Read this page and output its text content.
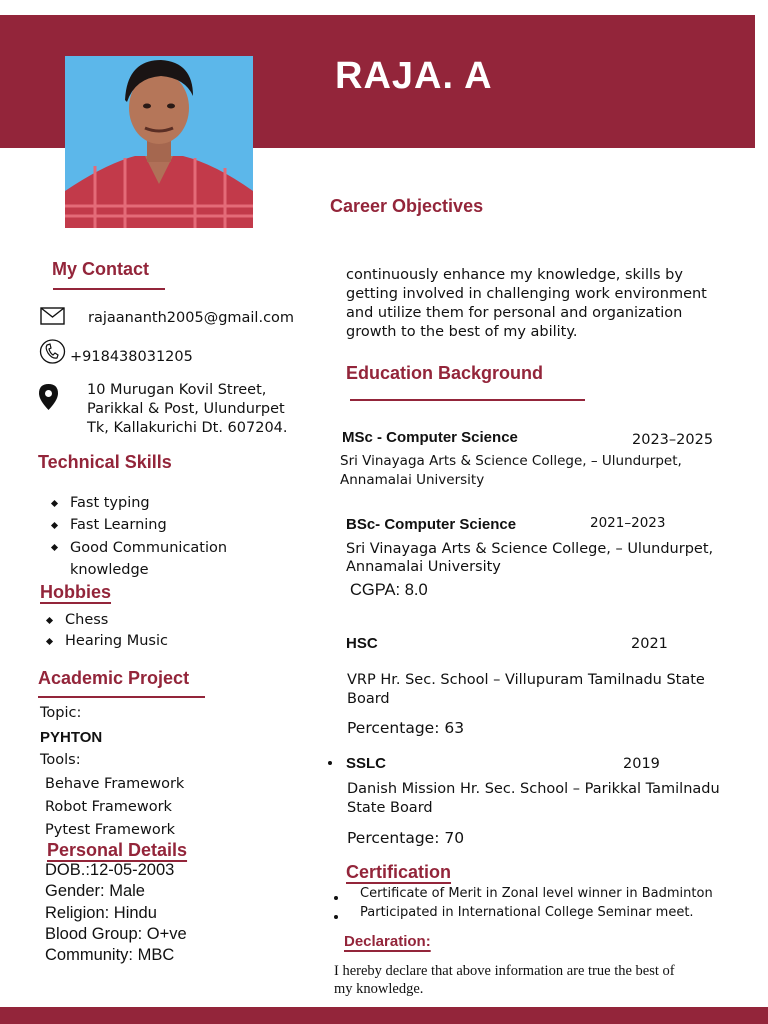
RAJA. A
Career Objectives
continuously enhance my knowledge, skills by
getting involved in challenging work environment
and utilize them for personal and organization
growth to the best of my ability.
My Contact
rajaananth2005@gmail.com
+918438031205
10 Murugan Kovil Street,
Parikkal & Post, Ulundurpet
Tk, Kallakurichi Dt. 607204.
Technical Skills
Fast typing
Fast Learning
Good Communication
knowledge
Hobbies
Chess
Hearing Music
Academic Project
Topic:
PYHTON
Tools:
Behave Framework
Robot Framework
Pytest Framework
Personal Details
DOB.:12-05-2003
Gender: Male
Religion: Hindu
Blood Group: O+ve
Community: MBC
Education Background
MSc - Computer Science	2023–2025
Sri Vinayaga Arts & Science College, – Ulundurpet,
Annamalai University
BSc- Computer Science	2021–2023
Sri Vinayaga Arts & Science College, – Ulundurpet,
Annamalai University
CGPA: 8.0
HSC	2021
VRP Hr. Sec. School – Villupuram Tamilnadu State
Board
Percentage: 63
SSLC	2019
Danish Mission Hr. Sec. School – Parikkal Tamilnadu
State Board
Percentage: 70
Certification
Certificate of Merit in Zonal level winner in Badminton
Participated in International College Seminar meet.
Declaration:
I hereby declare that above information are true the best of
my knowledge.
